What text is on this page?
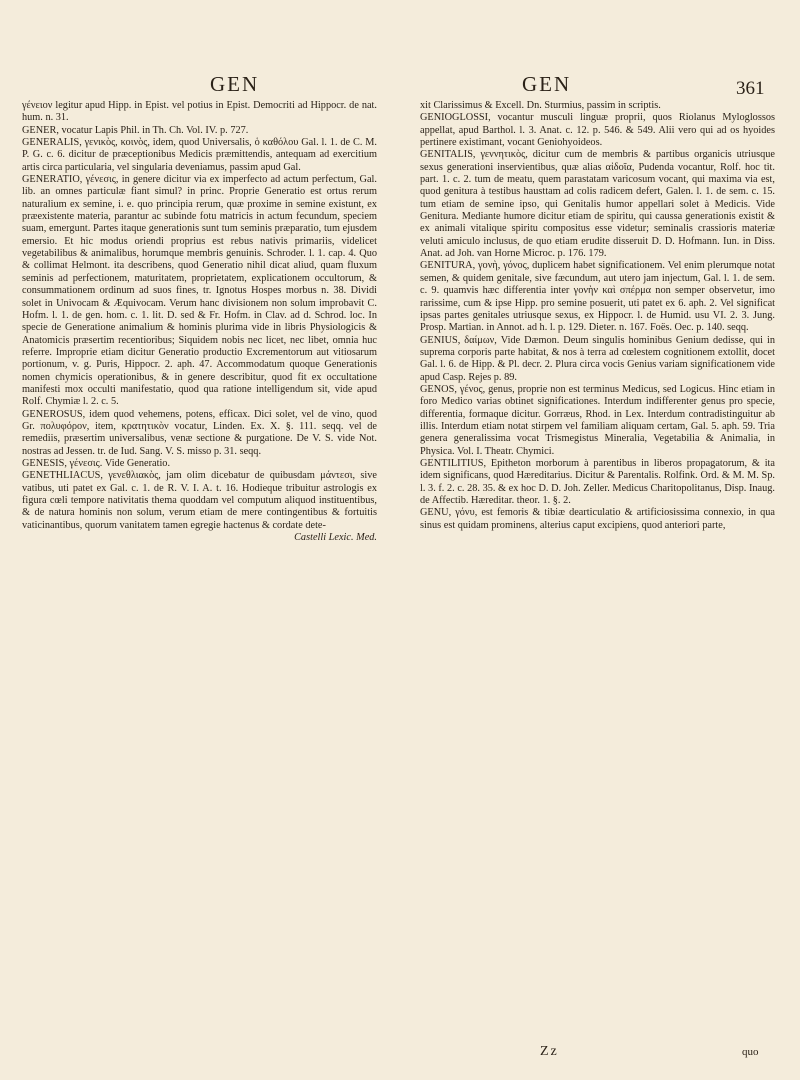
GEN	GEN	361

γένειον legitur apud Hipp. in Epist. vel potius in Epist. Democriti ad Hippocr. de nat. hum. n. 31.

GENER, vocatur Lapis Phil. in Th. Ch. Vol. IV. p. 727.

GENERALIS, γενικὸς, κοινὸς, idem, quod Universalis, ὁ καθόλου Gal. l. 1. de C. M. P. G. c. 6. dicitur de præceptionibus Medicis præmittendis, antequam ad exercitium artis circa particularia, vel singularia deveniamus, passim apud Gal.

GENERATIO, γένεσις, in genere dicitur via ex imperfecto ad actum perfectum, Gal. lib. an omnes particulæ fiant simul? in princ. Proprie Generatio est ortus rerum naturalium ex semine, i. e. quo principia rerum, quæ proxime in semine existunt, ex præexistente materia, parantur ac subinde fotu matricis in actum fecundum, speciem suam, emergunt. Partes itaque generationis sunt tum seminis præparatio, tum ejusdem emersio. Et hic modus oriendi proprius est rebus nativis primariis, videlicet vegetabilibus & animalibus, horumque membris genuinis. Schroder. l. 1. cap. 4. Quo & collimat Helmont. ita describens, quod Generatio nihil dicat aliud, quam fluxum seminis ad perfectionem, maturitatem, proprietatem, explicationem occultorum, & consummationem ordinum ad suos fines, tr. Ignotus Hospes morbus n. 38. Dividi solet in Univocam & Æquivocam. Verum hanc divisionem non solum improbavit C. Hofm. l. 1. de gen. hom. c. 1. lit. D. sed & Fr. Hofm. in Clav. ad d. Schrod. loc. In specie de Generatione animalium & hominis plurima vide in libris Physiologicis & Anatomicis præsertim recentioribus; Siquidem nobis nec licet, nec libet, omnia huc referre. Improprie etiam dicitur Generatio productio Excrementorum aut vitiosarum portionum, v. g. Puris, Hippocr. 2. aph. 47. Accommodatum quoque Generationis nomen chymicis operationibus, & in genere describitur, quod fit ex occultatione manifesti mox occulti manifestatio, quod qua ratione intelligendum sit, vide apud Rolf. Chymiæ l. 2. c. 5.

GENEROSUS, idem quod vehemens, potens, efficax. Dici solet, vel de vino, quod Gr. πολυφόρον, item, κρατητικὸν vocatur, Linden. Ex. X. §. 111. seqq. vel de remediis, præsertim universalibus, venæ sectione & purgatione. De V. S. vide Not. nostras ad Jessen. tr. de Iud. Sang. V. S. misso p. 31. seqq.

GENESIS, γένεσις. Vide Generatio.

GENETHLIACUS, γενεθλιακὸς, jam olim dicebatur de quibusdam μάντεσι, sive vatibus, uti patet ex Gal. c. 1. de R. V. I. A. t. 16. Hodieque tribuitur astrologis ex figura cœli tempore nativitatis thema quoddam vel computum aliquod instituentibus, & de natura hominis non solum, verum etiam de mere contingentibus & fortuitis vaticinantibus, quorum vanitatem tamen egregie hactenus & cordate dete-

Castelli Lexic. Med.

xit Clarissimus & Excell. Dn. Sturmius, passim in scriptis.

GENIOGLOSSI, vocantur musculi linguæ proprii, quos Riolanus Myloglossos appellat, apud Barthol. l. 3. Anat. c. 12. p. 546. & 549. Alii vero qui ad os hyoides pertinere existimant, vocant Geniohyoideos.

GENITALIS, γεννητικὸς, dicitur cum de membris & partibus organicis utriusque sexus generationi inservientibus, quæ alias αἰδοῖα, Pudenda vocantur, Rolf. hoc tit. part. 1. c. 2. tum de meatu, quem parastatam varicosum vocant, qui maxima via est, quod genitura à testibus hausttam ad colis radicem defert, Galen. l. 1. de sem. c. 15. tum etiam de semine ipso, qui Genitalis humor appellari solet à Medicis. Vide Genitura. Mediante humore dicitur etiam de spiritu, qui caussa generationis existit & ex animali vitalique spiritu compositus esse videtur; seminalis crassioris materiæ veluti amiculo inclusus, de quo etiam erudite disseruit D. D. Hofmann. Iun. in Diss. Anat. ad Joh. van Horne Microc. p. 176. 179.

GENITURA, γονὴ, γόνος, duplicem habet significationem. Vel enim plerumque notat semen, & quidem genitale, sive fæcundum, aut utero jam injectum, Gal. l. 1. de sem. c. 9. quamvis hæc differentia inter γονὴν καὶ σπέρμα non semper observetur, imo rarissime, cum & ipse Hipp. pro semine posuerit, uti patet ex 6. aph. 2. Vel significat ipsas partes genitales utriusque sexus, ex Hippocr. l. de Humid. usu VI. 2. 3. Jung. Prosp. Martian. in Annot. ad h. l. p. 129. Dieter. n. 167. Foës. Oec. p. 140. seqq.

GENIUS, δαίμων, Vide Dæmon. Deum singulis hominibus Genium dedisse, qui in suprema corporis parte habitat, & nos à terra ad cœlestem cognitionem extollit, docet Gal. l. 6. de Hipp. & Pl. decr. 2. Plura circa vocis Genius variam significationem vide apud Casp. Rejes p. 89.

GENOS, γένος, genus, proprie non est terminus Medicus, sed Logicus. Hinc etiam in foro Medico varias obtinet significationes. Interdum indifferenter genus pro specie, differentia, formaque dicitur. Gorræus, Rhod. in Lex. Interdum contradistinguitur ab illis. Interdum etiam notat stirpem vel familiam aliquam certam, Gal. 5. aph. 59. Tria genera generalissima vocat Trismegistus Mineralia, Vegetabilia & Animalia, in Physica. Vol. I. Theatr. Chymici.

GENTILITIUS, Epitheton morborum à parentibus in liberos propagatorum, & ita idem significans, quod Hæreditarius. Dicitur & Parentalis. Rolfink. Ord. & M. M. Sp. l. 3. f. 2. c. 28. 35. & ex hoc D. D. Joh. Zeller. Medicus Charitopolitanus, Disp. Inaug. de Affectib. Hæreditar. theor. 1. §. 2.

GENU, γόνυ, est femoris & tibiæ dearticulatio & artificiosissima connexio, in qua sinus est quidam prominens, alterius caput excipiens, quod anteriori parte,

Zz	quo
